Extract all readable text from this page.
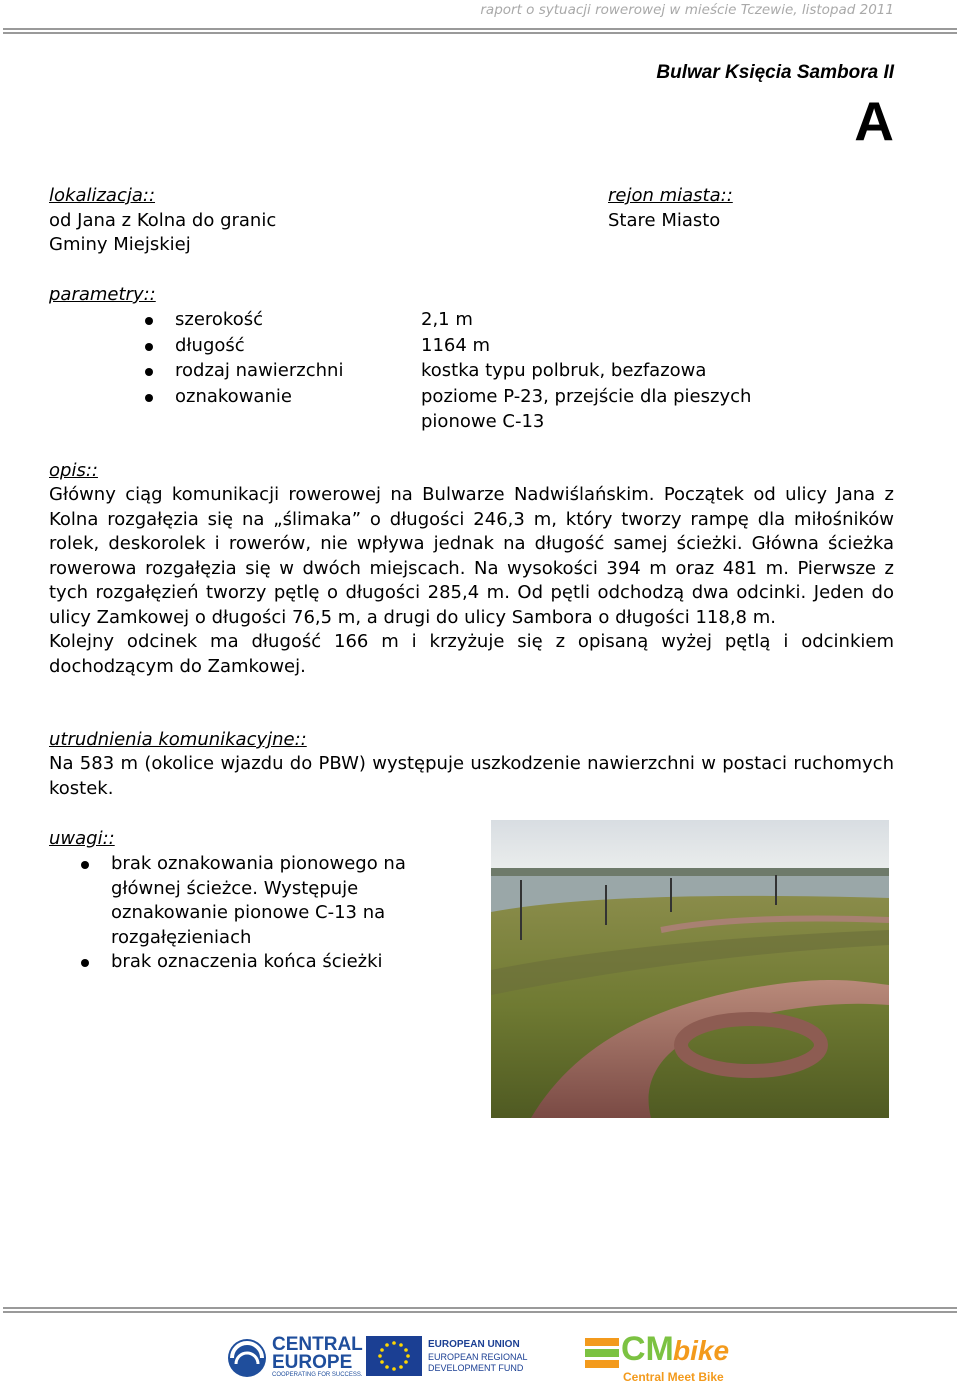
raport o sytuacji rowerowej w mieście Tczewie, listopad 2011
Bulwar Księcia Sambora II
A
lokalizacja::
od Jana z Kolna do granic
Gminy Miejskiej
rejon miasta::
Stare Miasto
parametry::
szerokość	2,1 m
długość	1164 m
rodzaj nawierzchni	kostka typu polbruk, bezfazowa
oznakowanie	poziome P-23, przejście dla pieszych
pionowe C-13
opis::

Główny ciąg komunikacji rowerowej na Bulwarze Nadwiślańskim. Początek od ulicy Jana z Kolna rozgałęzia się na „ślimaka” o długości 246,3 m, który tworzy rampę dla miłośników rolek, deskorolek i rowerów, nie wpływa jednak na długość samej ścieżki. Główna ścieżka rowerowa rozgałęzia się w dwóch miejscach. Na wysokości 394 m oraz 481 m. Pierwsze z tych rozgałęzień tworzy pętlę o długości 285,4 m. Od pętli odchodzą dwa odcinki. Jeden do ulicy Zamkowej o długości 76,5 m, a drugi do ulicy Sambora o długości 118,8 m.

Kolejny odcinek ma długość 166 m i krzyżuje się z opisaną wyżej pętlą i odcinkiem dochodzącym do Zamkowej.

utrudnienia komunikacyjne::
Na 583 m (okolice wjazdu do PBW) występuje uszkodzenie nawierzchni w postaci ruchomych kostek.
uwagi::
brak oznakowania pionowego na głównej ścieżce. Występuje oznakowanie pionowe C-13 na rozgałęzieniach
brak oznaczenia końca ścieżki
CENTRAL
EUROPE
COOPERATING FOR SUCCESS.
EUROPEAN UNION
EUROPEAN REGIONAL
DEVELOPMENT FUND	CM bike
Central Meet Bike
